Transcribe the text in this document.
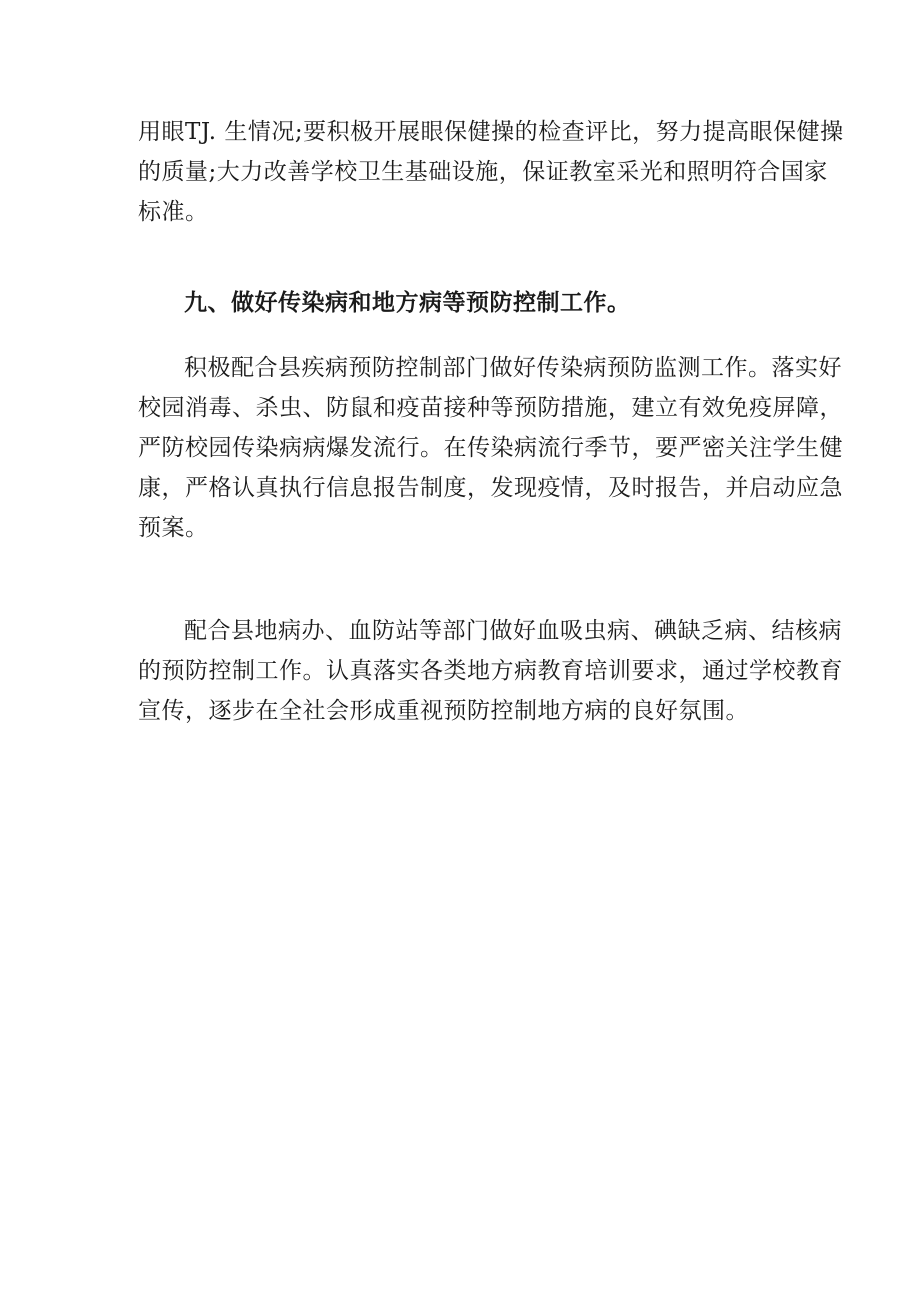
用眼TJ. 生情况;要积极开展眼保健操的检查评比，努力提高眼保健操
的质量;大力改善学校卫生基础设施，保证教室采光和照明符合国家
标准。

九、做好传染病和地方病等预防控制工作。

积极配合县疾病预防控制部门做好传染病预防监测工作。落实好
校园消毒、杀虫、防鼠和疫苗接种等预防措施，建立有效免疫屏障，
严防校园传染病病爆发流行。在传染病流行季节，要严密关注学生健
康，严格认真执行信息报告制度，发现疫情，及时报告，并启动应急
预案。

配合县地病办、血防站等部门做好血吸虫病、碘缺乏病、结核病
的预防控制工作。认真落实各类地方病教育培训要求，通过学校教育
宣传，逐步在全社会形成重视预防控制地方病的良好氛围。
